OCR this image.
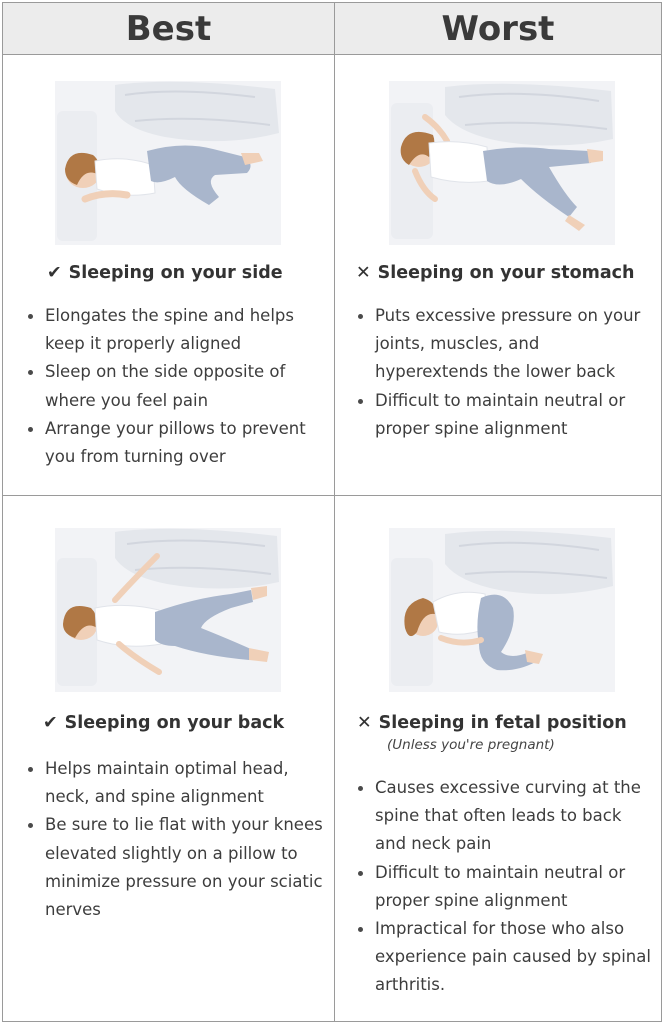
Best	Worst
✔ Sleeping on your side
Elongates the spine and helps keep it properly aligned
Sleep on the side opposite of where you feel pain
Arrange your pillows to prevent you from turning over
✕ Sleeping on your stomach
Puts excessive pressure on your joints, muscles, and hyperextends the lower back
Difficult to maintain neutral or proper spine alignment
✔ Sleeping on your back
Helps maintain optimal head, neck, and spine alignment
Be sure to lie flat with your knees elevated slightly on a pillow to minimize pressure on your sciatic nerves
✕ Sleeping in fetal position
(Unless you're pregnant)
Causes excessive curving at the spine that often leads to back and neck pain
Difficult to maintain neutral or proper spine alignment
Impractical for those who also experience pain caused by spinal arthritis.
